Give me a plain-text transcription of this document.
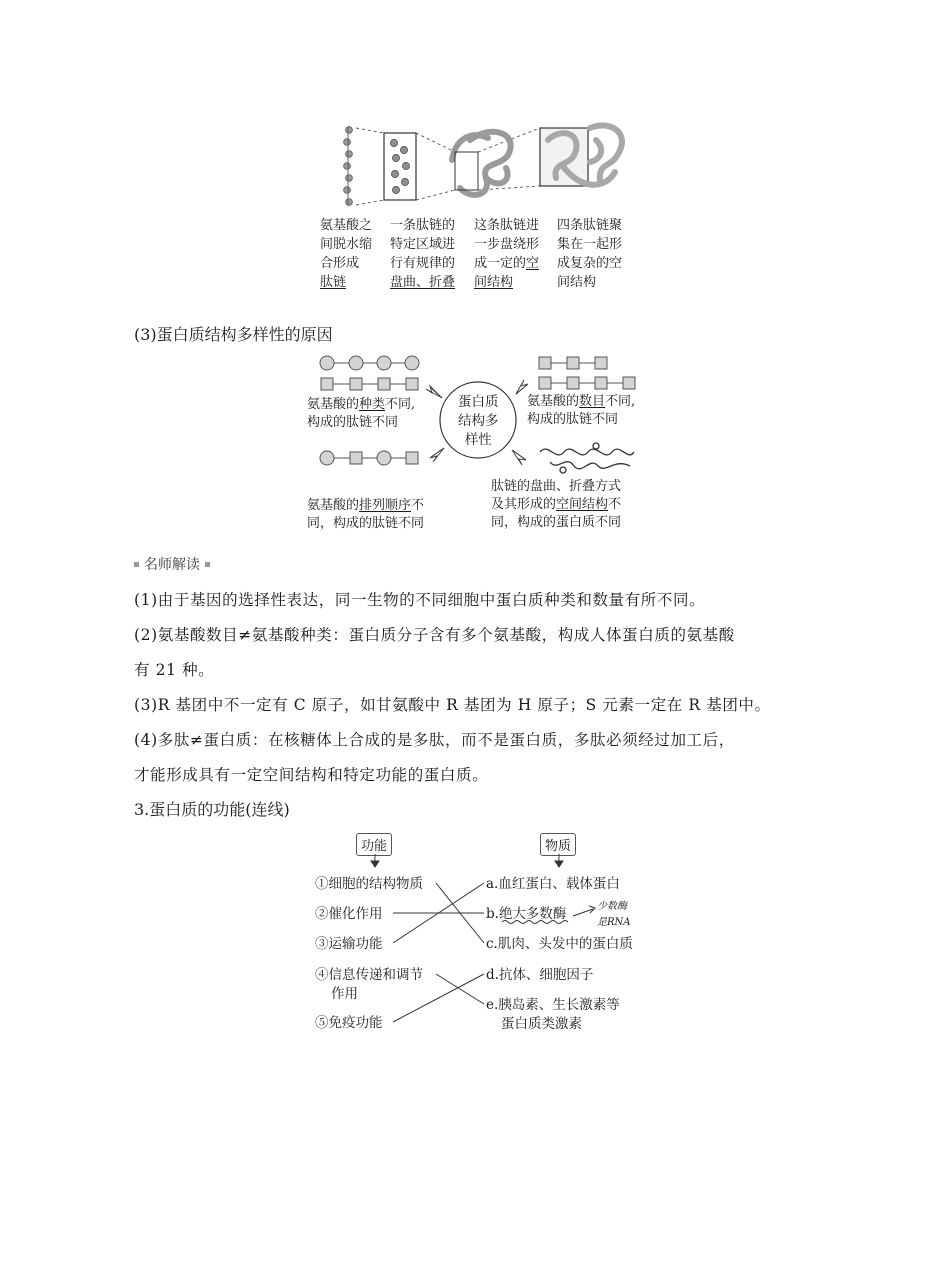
氨基酸之
间脱水缩
合形成
肽链
一条肽链的
特定区域进
行有规律的
盘曲、折叠
这条肽链进
一步盘绕形
成一定的空
间结构
四条肽链聚
集在一起形
成复杂的空
间结构
(3)蛋白质结构多样性的原因
蛋白质
结构多
样性
氨基酸的种类不同,
构成的肽链不同
氨基酸的数目不同,
构成的肽链不同
氨基酸的排列顺序不
同，构成的肽链不同
肽链的盘曲、折叠方式
及其形成的空间结构不
同，构成的蛋白质不同
名师解读
(1)由于基因的选择性表达，同一生物的不同细胞中蛋白质种类和数量有所不同。
(2)氨基酸数目≠氨基酸种类：蛋白质分子含有多个氨基酸，构成人体蛋白质的氨基酸
有 21 种。
(3)R 基团中不一定有 C 原子，如甘氨酸中 R 基团为 H 原子；S 元素一定在 R 基团中。
(4)多肽≠蛋白质：在核糖体上合成的是多肽，而不是蛋白质，多肽必须经过加工后，
才能形成具有一定空间结构和特定功能的蛋白质。
3.蛋白质的功能(连线)
功能	物质
①细胞的结构物质
②催化作用
③运输功能
④信息传递和调节
作用
⑤免疫功能
a.血红蛋白、载体蛋白
b.绝大多数酶
c.肌肉、头发中的蛋白质
d.抗体、细胞因子
e.胰岛素、生长激素等
蛋白质类激素
少数酶
是RNA
